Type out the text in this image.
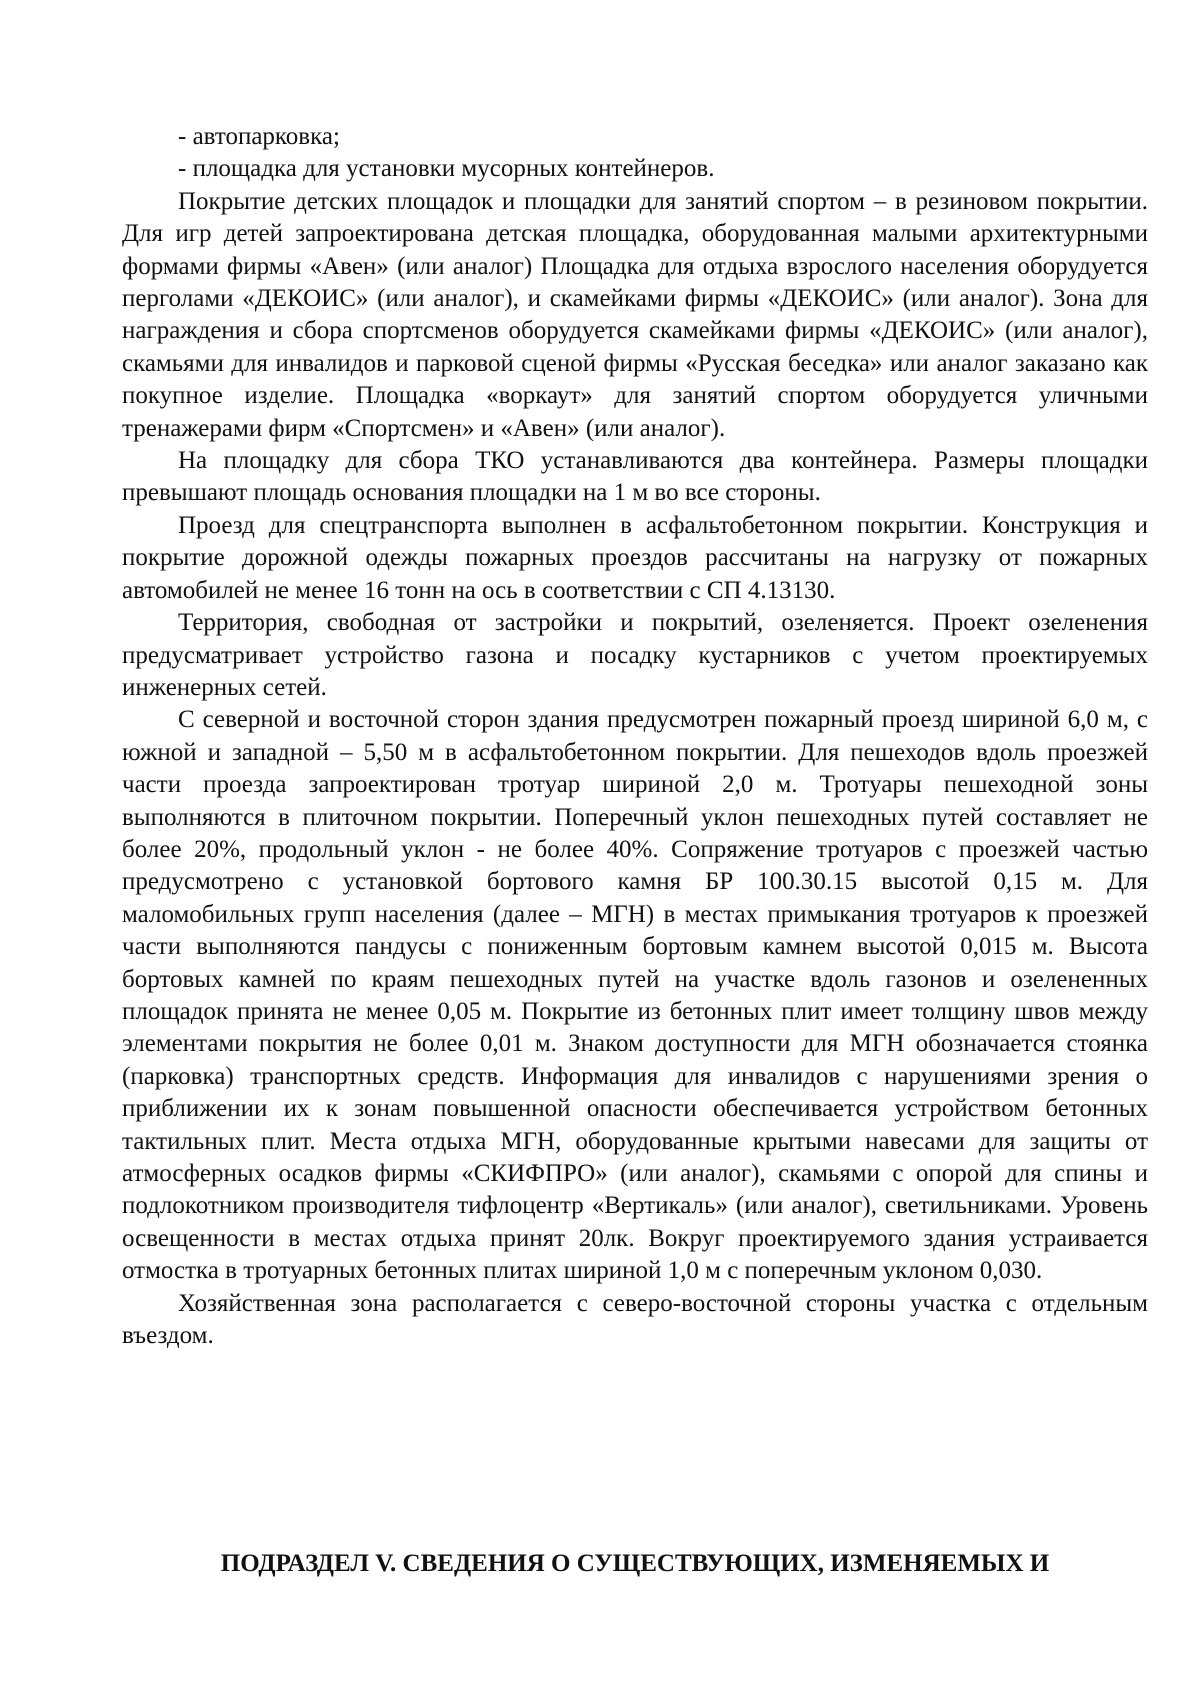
- автопарковка;

- площадка для установки мусорных контейнеров.

Покрытие детских площадок и площадки для занятий спортом – в резиновом покрытии. Для игр детей запроектирована детская площадка, оборудованная малыми архитектурными формами фирмы «Авен» (или аналог) Площадка для отдыха взрослого населения оборудуется перголами «ДЕКОИС» (или аналог), и скамейками фирмы «ДЕКОИС» (или аналог). Зона для награждения и сбора спортсменов оборудуется скамейками фирмы «ДЕКОИС» (или аналог), скамьями для инвалидов и парковой сценой фирмы «Русская беседка» или аналог заказано как покупное изделие. Площадка «воркаут» для занятий спортом оборудуется уличными тренажерами фирм «Спортсмен» и «Авен» (или аналог).

На площадку для сбора ТКО устанавливаются два контейнера. Размеры площадки превышают площадь основания площадки на 1 м во все стороны.

Проезд для спецтранспорта выполнен в асфальтобетонном покрытии. Конструкция и покрытие дорожной одежды пожарных проездов рассчитаны на нагрузку от пожарных автомобилей не менее 16 тонн на ось в соответствии с СП 4.13130.

Территория, свободная от застройки и покрытий, озеленяется. Проект озеленения предусматривает устройство газона и посадку кустарников с учетом проектируемых инженерных сетей.

С северной и восточной сторон здания предусмотрен пожарный проезд шириной 6,0 м, с южной и западной – 5,50 м в асфальтобетонном покрытии. Для пешеходов вдоль проезжей части проезда запроектирован тротуар шириной 2,0 м. Тротуары пешеходной зоны выполняются в плиточном покрытии. Поперечный уклон пешеходных путей составляет не более 20%, продольный уклон - не более 40%. Сопряжение тротуаров с проезжей частью предусмотрено с установкой бортового камня БР 100.30.15 высотой 0,15 м. Для маломобильных групп населения (далее – МГН) в местах примыкания тротуаров к проезжей части выполняются пандусы с пониженным бортовым камнем высотой 0,015 м. Высота бортовых камней по краям пешеходных путей на участке вдоль газонов и озелененных площадок принята не менее 0,05 м. Покрытие из бетонных плит имеет толщину швов между элементами покрытия не более 0,01 м. Знаком доступности для МГН обозначается стоянка (парковка) транспортных средств. Информация для инвалидов с нарушениями зрения о приближении их к зонам повышенной опасности обеспечивается устройством бетонных тактильных плит. Места отдыха МГН, оборудованные крытыми навесами для защиты от атмосферных осадков фирмы «СКИФПРО» (или аналог), скамьями с опорой для спины и подлокотником производителя тифлоцентр «Вертикаль» (или аналог), светильниками. Уровень освещенности в местах отдыха принят 20лк. Вокруг проектируемого здания устраивается отмостка в тротуарных бетонных плитах шириной 1,0 м с поперечным уклоном 0,030.

Хозяйственная зона располагается с северо-восточной стороны участка с отдельным въездом.

ПОДРАЗДЕЛ V. СВЕДЕНИЯ О СУЩЕСТВУЮЩИХ, ИЗМЕНЯЕМЫХ И
